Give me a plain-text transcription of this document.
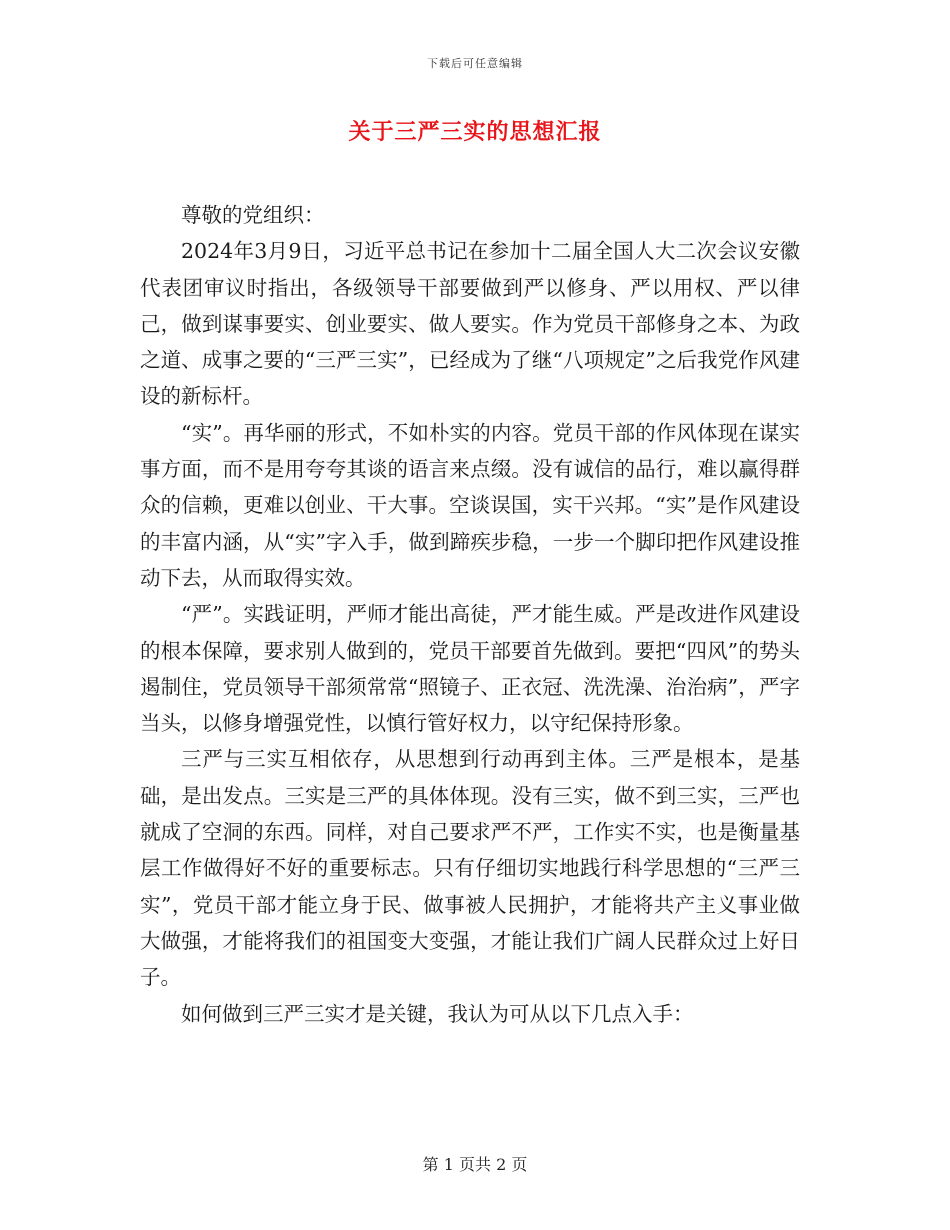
下载后可任意编辑
关于三严三实的思想汇报

尊敬的党组织：

2024年3月9日，习近平总书记在参加十二届全国人大二次会议安徽代表团审议时指出，各级领导干部要做到严以修身、严以用权、严以律己，做到谋事要实、创业要实、做人要实。作为党员干部修身之本、为政之道、成事之要的“三严三实”，已经成为了继“八项规定”之后我党作风建设的新标杆。

“实”。再华丽的形式，不如朴实的内容。党员干部的作风体现在谋实事方面，而不是用夸夸其谈的语言来点缀。没有诚信的品行，难以赢得群众的信赖，更难以创业、干大事。空谈误国，实干兴邦。“实”是作风建设的丰富内涵，从“实”字入手，做到蹄疾步稳，一步一个脚印把作风建设推动下去，从而取得实效。

“严”。实践证明，严师才能出高徒，严才能生威。严是改进作风建设的根本保障，要求别人做到的，党员干部要首先做到。要把“四风”的势头遏制住，党员领导干部须常常“照镜子、正衣冠、洗洗澡、治治病”，严字当头，以修身增强党性，以慎行管好权力，以守纪保持形象。

三严与三实互相依存，从思想到行动再到主体。三严是根本，是基础，是出发点。三实是三严的具体体现。没有三实，做不到三实，三严也就成了空洞的东西。同样，对自己要求严不严，工作实不实，也是衡量基层工作做得好不好的重要标志。只有仔细切实地践行科学思想的“三严三实”，党员干部才能立身于民、做事被人民拥护，才能将共产主义事业做大做强，才能将我们的祖国变大变强，才能让我们广阔人民群众过上好日子。

如何做到三严三实才是关键，我认为可从以下几点入手：

第 1 页共 2 页
